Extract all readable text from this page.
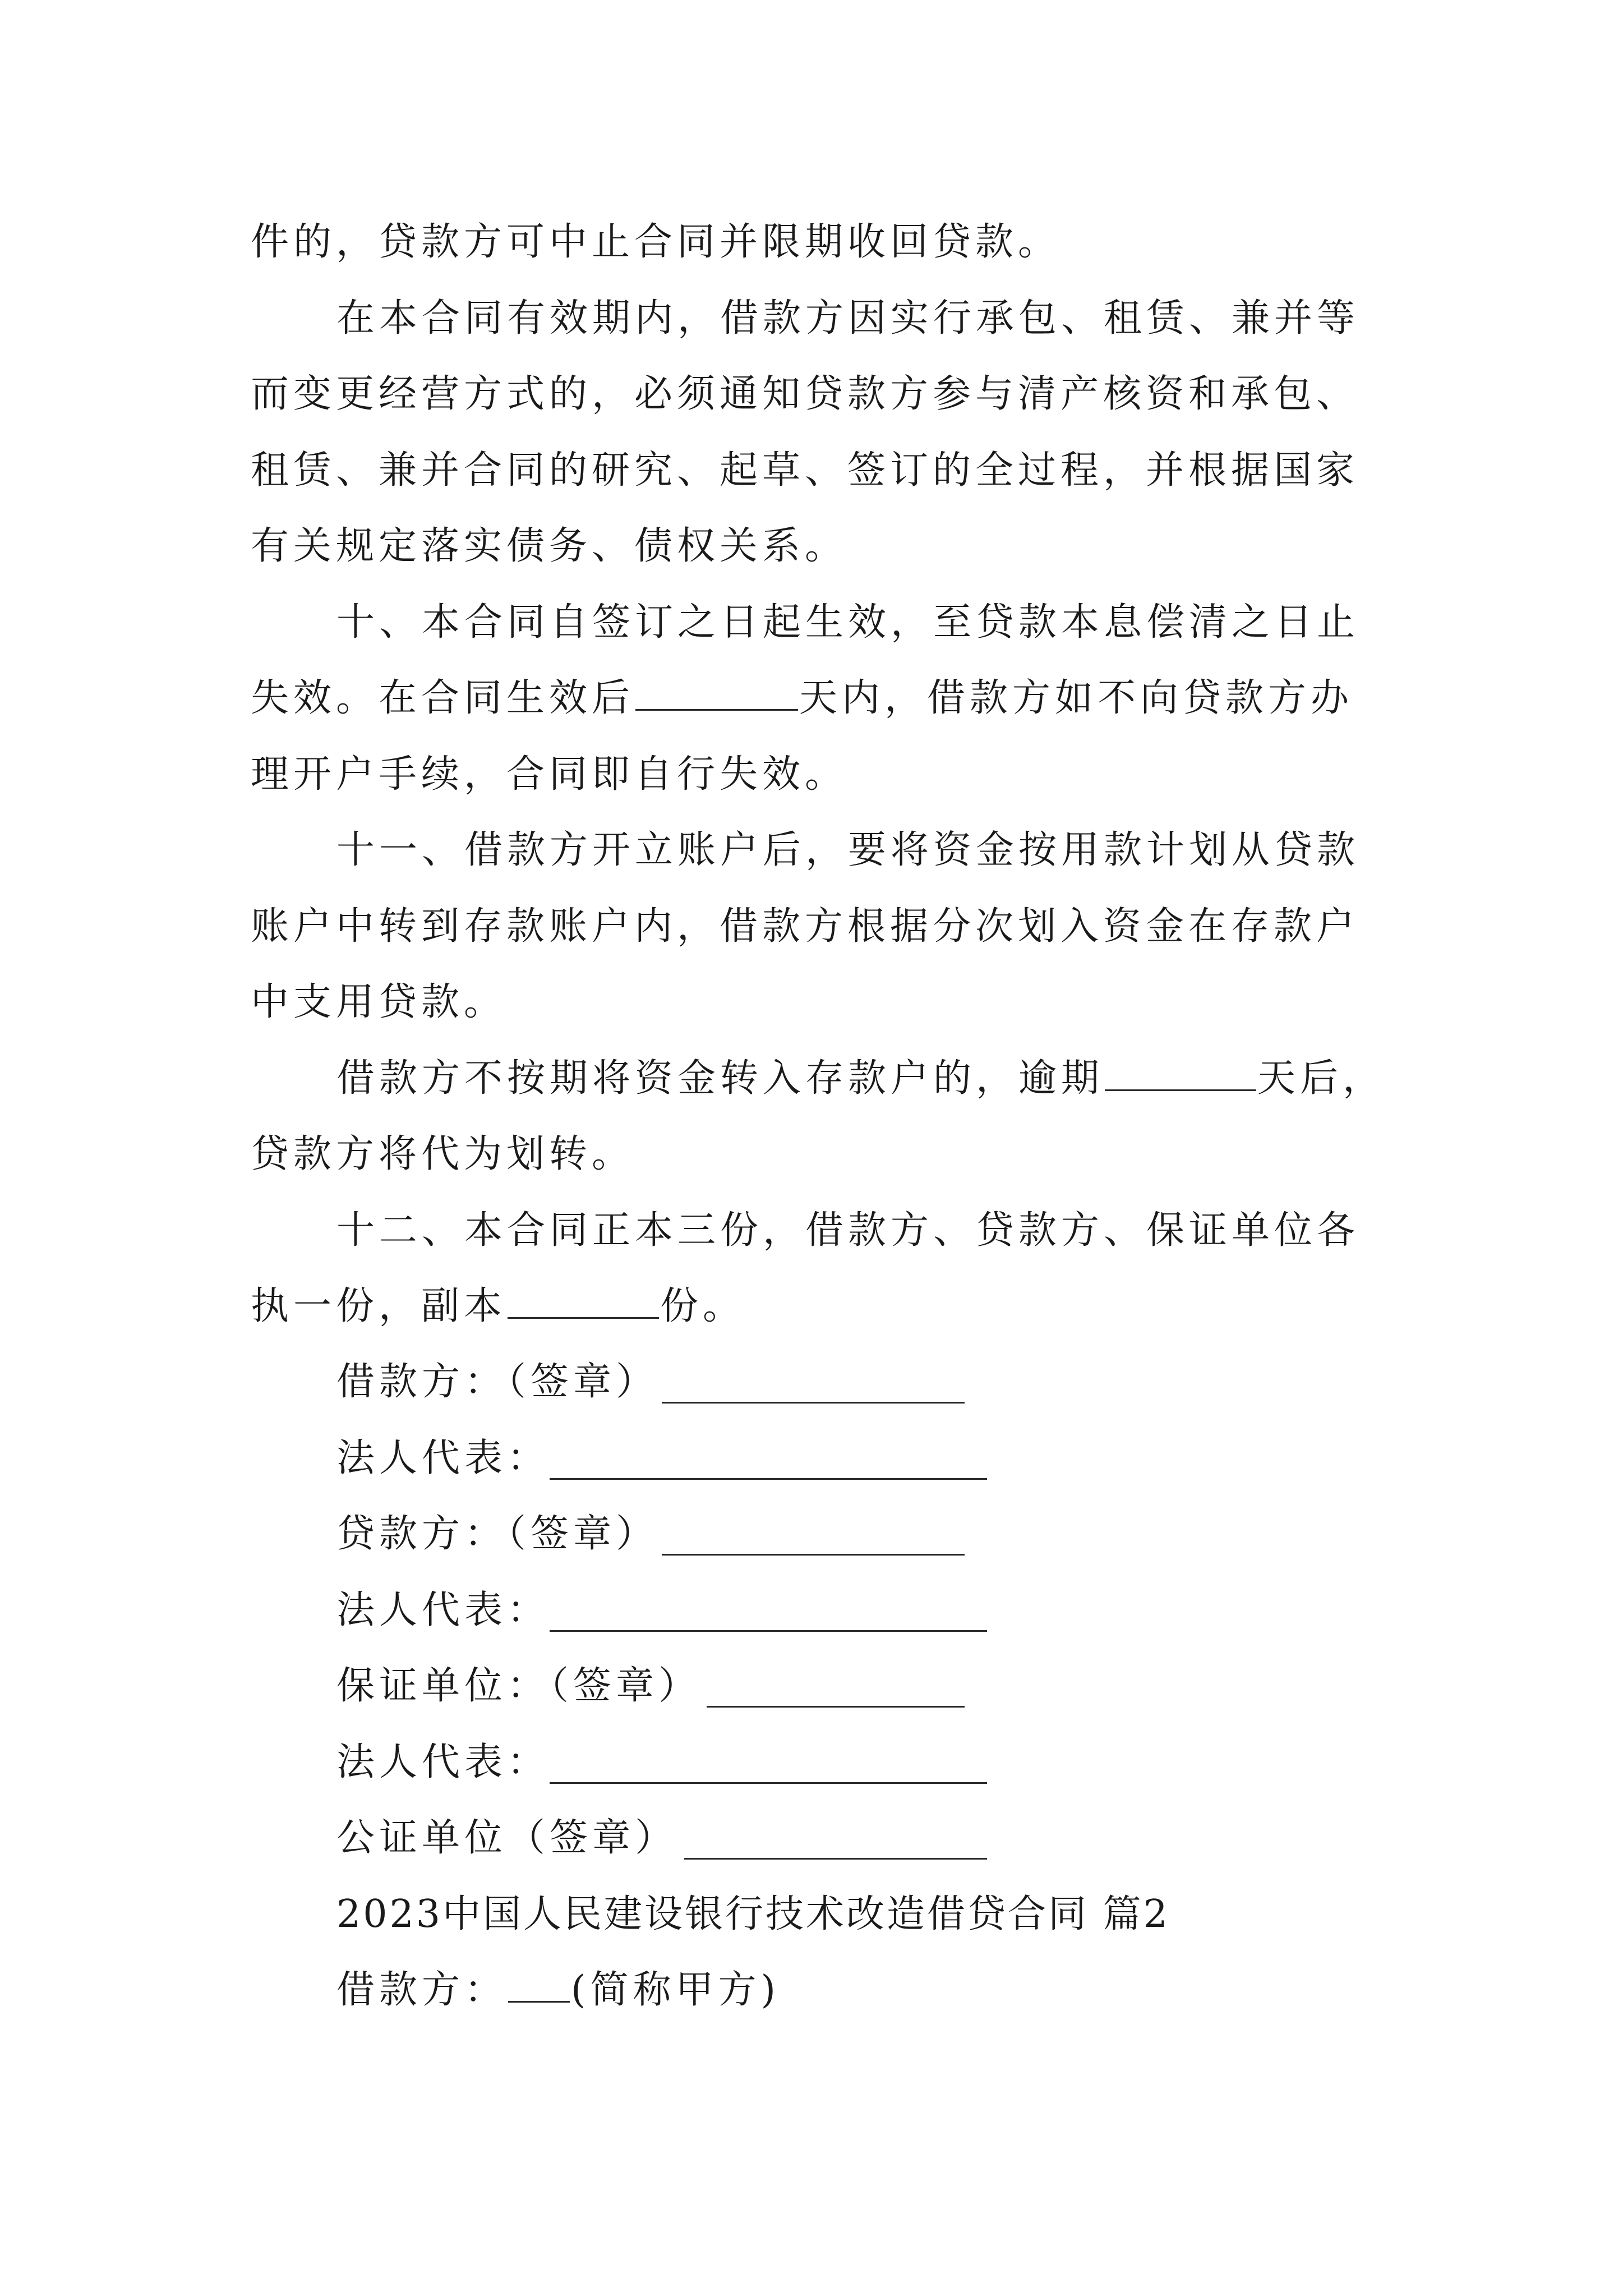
件的，贷款方可中止合同并限期收回贷款。
在本合同有效期内，借款方因实行承包、租赁、兼并等
而变更经营方式的，必须通知贷款方参与清产核资和承包、
租赁、兼并合同的研究、起草、签订的全过程，并根据国家
有关规定落实债务、债权关系。
十、本合同自签订之日起生效，至贷款本息偿清之日止
失效。在合同生效后	天内，借款方如不向贷款方办
理开户手续，合同即自行失效。
十一、借款方开立账户后，要将资金按用款计划从贷款
账户中转到存款账户内，借款方根据分次划入资金在存款户
中支用贷款。
借款方不按期将资金转入存款户的，逾期	天后，
贷款方将代为划转。
十二、本合同正本三份，借款方、贷款方、保证单位各
执一份，副本	份。
借款方：（签章）
法人代表：
贷款方：（签章）
法人代表：
保证单位：（签章）
法人代表：
公证单位（签章）
2023中国人民建设银行技术改造借贷合同 篇2
借款方： (简称甲方)
